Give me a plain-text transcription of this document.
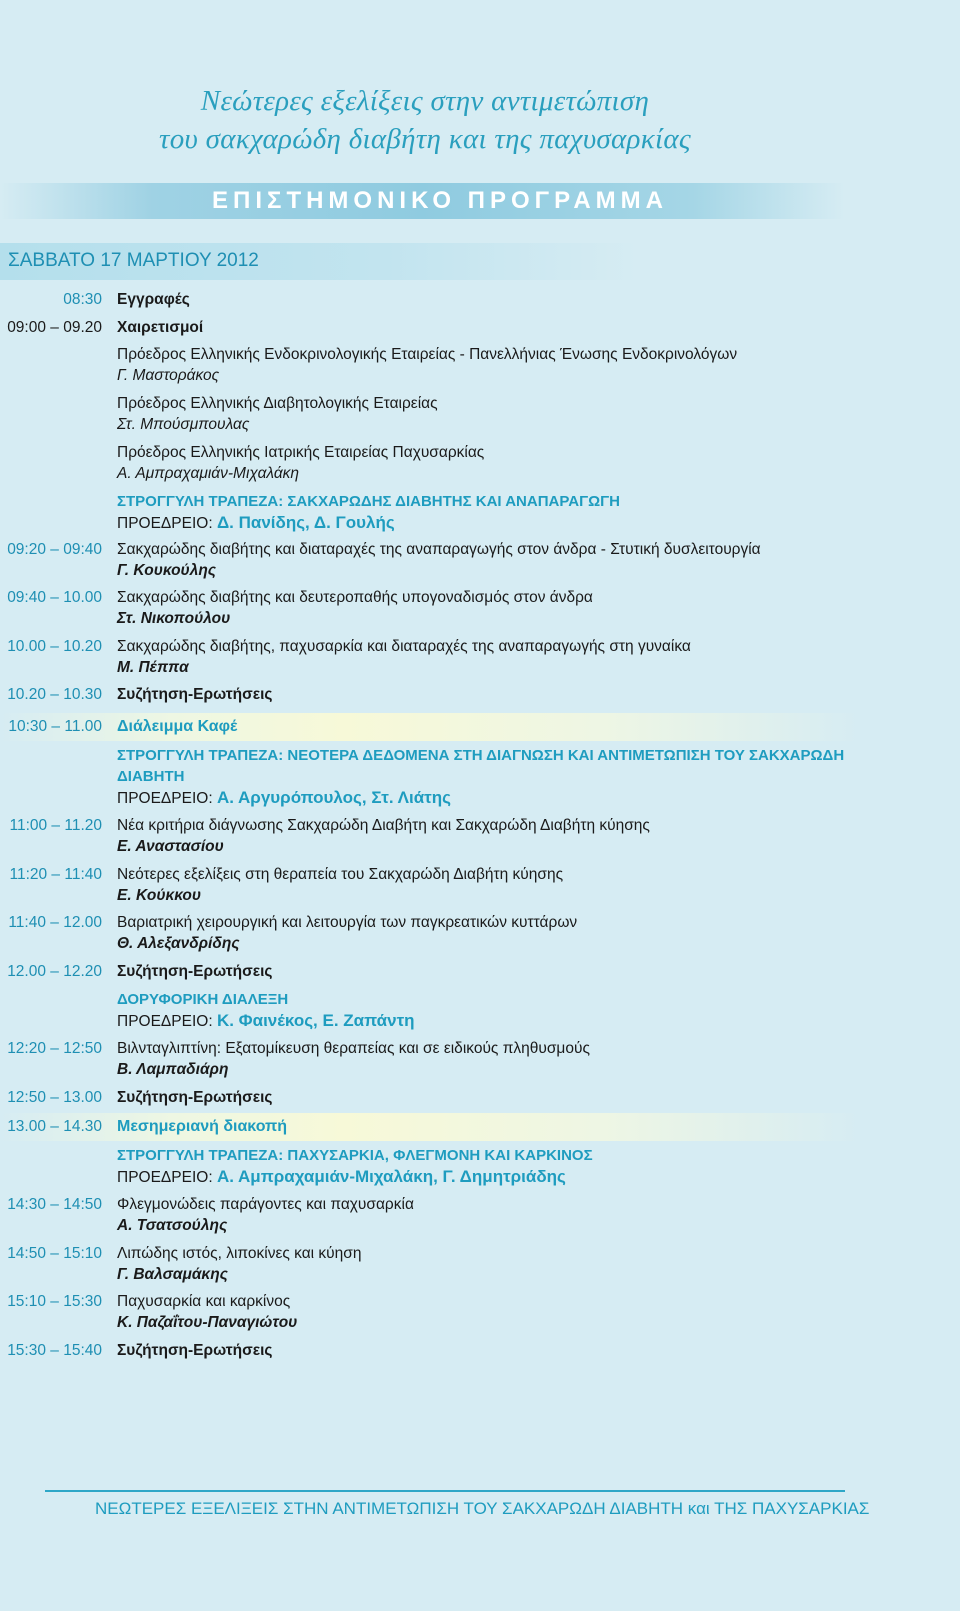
Νεώτερες εξελίξεις στην αντιμετώπιση
του σακχαρώδη διαβήτη και της παχυσαρκίας
ΕΠΙΣΤΗΜΟΝΙΚΟ ΠΡΟΓΡΑΜΜΑ
ΣΑΒΒΑΤΟ 17 ΜΑΡΤΙΟΥ 2012
08:30 Εγγραφές
09:00 – 09.20 Χαιρετισμοί
Πρόεδρος Ελληνικής Ενδοκρινολογικής Εταιρείας - Πανελλήνιας Ένωσης Ενδοκρινολόγων
Γ. Μαστοράκος
Πρόεδρος Ελληνικής Διαβητολογικής Εταιρείας
Στ. Μπούσμπουλας
Πρόεδρος Ελληνικής Ιατρικής Εταιρείας Παχυσαρκίας
Α. Αμπραχαμιάν-Μιχαλάκη
ΣΤΡΟΓΓΥΛΗ ΤΡΑΠΕΖΑ: ΣΑΚΧΑΡΩΔΗΣ ΔΙΑΒΗΤΗΣ ΚΑΙ ΑΝΑΠΑΡΑΓΩΓΗ
ΠΡΟΕΔΡΕΙΟ: Δ. Πανίδης, Δ. Γουλής
09:20 – 09:40 Σακχαρώδης διαβήτης και διαταραχές της αναπαραγωγής στον άνδρα - Στυτική δυσλειτουργία
Γ. Κουκούλης
09:40 – 10.00 Σακχαρώδης διαβήτης και δευτεροπαθής υπογοναδισμός στον άνδρα
Στ. Νικοπούλου
10.00 – 10.20 Σακχαρώδης διαβήτης, παχυσαρκία και διαταραχές της αναπαραγωγής στη γυναίκα
Μ. Πέππα
10.20 – 10.30 Συζήτηση-Ερωτήσεις
10:30 – 11.00 Διάλειμμα Καφέ
ΣΤΡΟΓΓΥΛΗ ΤΡΑΠΕΖΑ: ΝΕΟΤΕΡΑ ΔΕΔΟΜΕΝΑ ΣΤΗ ΔΙΑΓΝΩΣΗ ΚΑΙ ΑΝΤΙΜΕΤΩΠΙΣΗ ΤΟΥ ΣΑΚΧΑΡΩΔΗ ΔΙΑΒΗΤΗ
ΠΡΟΕΔΡΕΙΟ: Α. Αργυρόπουλος, Στ. Λιάτης
11:00 – 11.20 Νέα κριτήρια διάγνωσης Σακχαρώδη Διαβήτη και Σακχαρώδη Διαβήτη κύησης
Ε. Αναστασίου
11:20 – 11:40 Νεότερες εξελίξεις στη θεραπεία του Σακχαρώδη Διαβήτη κύησης
Ε. Κούκκου
11:40 – 12.00 Βαριατρική χειρουργική και λειτουργία των παγκρεατικών κυττάρων
Θ. Αλεξανδρίδης
12.00 – 12.20 Συζήτηση-Ερωτήσεις
ΔΟΡΥΦΟΡΙΚΗ ΔΙΑΛΕΞΗ
ΠΡΟΕΔΡΕΙΟ: Κ. Φαινέκος, Ε. Ζαπάντη
12:20 – 12:50 Βιλνταγλιπτίνη: Εξατομίκευση θεραπείας και σε ειδικούς πληθυσμούς
Β. Λαμπαδιάρη
12:50 – 13.00 Συζήτηση-Ερωτήσεις
13.00 – 14.30 Μεσημεριανή διακοπή
ΣΤΡΟΓΓΥΛΗ ΤΡΑΠΕΖΑ: ΠΑΧΥΣΑΡΚΙΑ, ΦΛΕΓΜΟΝΗ ΚΑΙ ΚΑΡΚΙΝΟΣ
ΠΡΟΕΔΡΕΙΟ: Α. Αμπραχαμιάν-Μιχαλάκη, Γ. Δημητριάδης
14:30 – 14:50 Φλεγμονώδεις παράγοντες και παχυσαρκία
Α. Τσατσούλης
14:50 – 15:10 Λιπώδης ιστός, λιποκίνες και κύηση
Γ. Βαλσαμάκης
15:10 – 15:30 Παχυσαρκία και καρκίνος
Κ. Παζαΐτου-Παναγιώτου
15:30 – 15:40 Συζήτηση-Ερωτήσεις
ΝΕΩΤΕΡΕΣ ΕΞΕΛΙΞΕΙΣ ΣΤΗΝ ΑΝΤΙΜΕΤΩΠΙΣΗ ΤΟΥ ΣΑΚΧΑΡΩΔΗ ΔΙΑΒΗΤΗ και ΤΗΣ ΠΑΧΥΣΑΡΚΙΑΣ
